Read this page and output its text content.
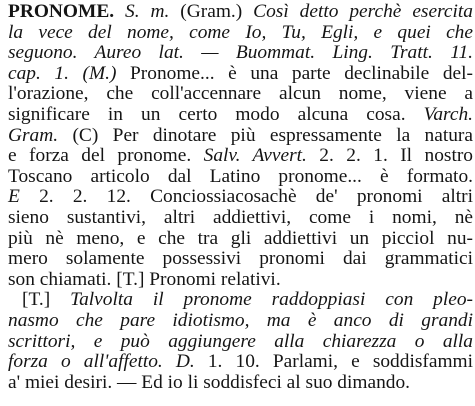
PRONOME. S. m. (Gram.) Così detto perchè esercita
la vece del nome, come Io, Tu, Egli, e quei che
seguono. Aureo lat. — Buommat. Ling. Tratt. 11.
cap. 1. (M.) Pronome... è una parte declinabile del-
l'orazione, che coll'accennare alcun nome, viene a
significare in un certo modo alcuna cosa. Varch.
Gram. (C) Per dinotare più espressamente la natura
e forza del pronome. Salv. Avvert. 2. 2. 1. Il nostro
Toscano articolo dal Latino pronome... è formato.
E 2. 2. 12. Conciossiacosachè de' pronomi altri
sieno sustantivi, altri addiettivi, come i nomi, nè
più nè meno, e che tra gli addiettivi un picciol nu-
mero solamente possessivi pronomi dai grammatici
son chiamati. [T.] Pronomi relativi.
[T.] Talvolta il pronome raddoppiasi con pleo-
nasmo che pare idiotismo, ma è anco di grandi
scrittori, e può aggiungere alla chiarezza o alla
forza o all'affetto. D. 1. 10. Parlami, e soddisfammi
a' miei desiri. — Ed io li soddisfeci al suo dimando.
